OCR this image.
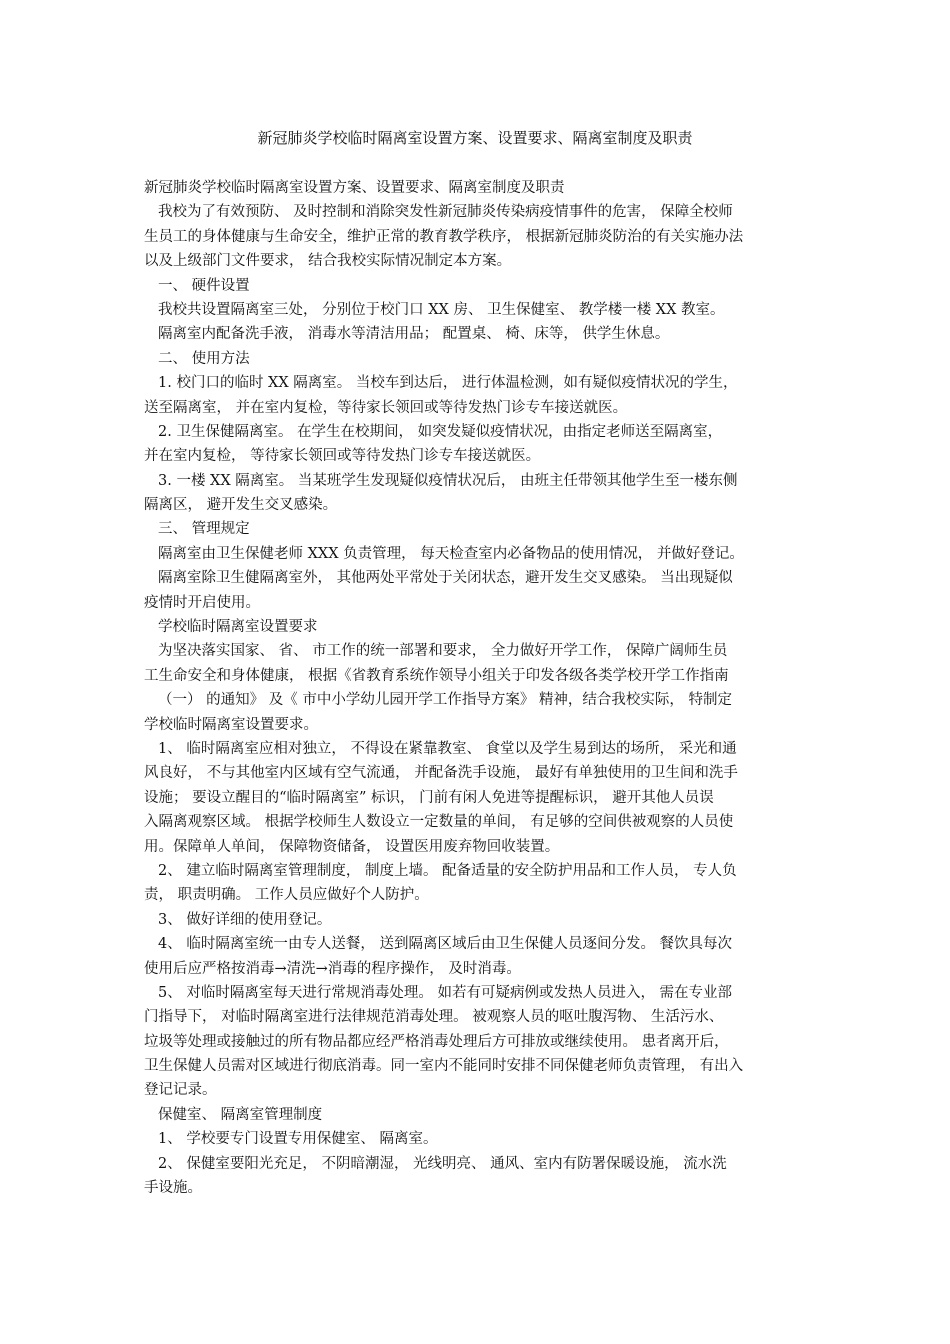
新冠肺炎学校临时隔离室设置方案、设置要求、隔离室制度及职责
新冠肺炎学校临时隔离室设置方案、设置要求、隔离室制度及职责
我校为了有效预防、 及时控制和消除突发性新冠肺炎传染病疫情事件的危害， 保障全校师
生员工的身体健康与生命安全，维护正常的教育教学秩序， 根据新冠肺炎防治的有关实施办法
以及上级部门文件要求， 结合我校实际情况制定本方案。
一、 硬件设置
我校共设置隔离室三处， 分别位于校门口 XX 房、 卫生保健室、 教学楼一楼 XX 教室。
隔离室内配备洗手液， 消毒水等清洁用品； 配置桌、 椅、床等， 供学生休息。
二、 使用方法
1. 校门口的临时 XX 隔离室。 当校车到达后， 进行体温检测，如有疑似疫情状况的学生，
送至隔离室， 并在室内复检，等待家长领回或等待发热门诊专车接送就医。
2. 卫生保健隔离室。 在学生在校期间， 如突发疑似疫情状况，由指定老师送至隔离室，
并在室内复检， 等待家长领回或等待发热门诊专车接送就医。
3. 一楼 XX 隔离室。 当某班学生发现疑似疫情状况后， 由班主任带领其他学生至一楼东侧
隔离区， 避开发生交叉感染。
三、 管理规定
隔离室由卫生保健老师 XXX 负责管理， 每天检查室内必备物品的使用情况， 并做好登记。
隔离室除卫生健隔离室外， 其他两处平常处于关闭状态，避开发生交叉感染。 当出现疑似
疫情时开启使用。
学校临时隔离室设置要求
为坚决落实国家、 省、 市工作的统一部署和要求， 全力做好开学工作， 保障广阔师生员
工生命安全和身体健康， 根据《省教育系统作领导小组关于印发各级各类学校开学工作指南
（一） 的通知》 及《 市中小学幼儿园开学工作指导方案》 精神，结合我校实际， 特制定
学校临时隔离室设置要求。
1、 临时隔离室应相对独立， 不得设在紧靠教室、 食堂以及学生易到达的场所， 采光和通
风良好， 不与其他室内区域有空气流通， 并配备洗手设施， 最好有单独使用的卫生间和洗手
设施； 要设立醒目的“临时隔离室” 标识， 门前有闲人免进等提醒标识， 避开其他人员误
入隔离观察区域。 根据学校师生人数设立一定数量的单间， 有足够的空间供被观察的人员使
用。保障单人单间， 保障物资储备， 设置医用废弃物回收装置。
2、 建立临时隔离室管理制度， 制度上墙。 配备适量的安全防护用品和工作人员， 专人负
责， 职责明确。 工作人员应做好个人防护。
3、 做好详细的使用登记。
4、 临时隔离室统一由专人送餐， 送到隔离区域后由卫生保健人员逐间分发。 餐饮具每次
使用后应严格按消毒→清洗→消毒的程序操作， 及时消毒。
5、 对临时隔离室每天进行常规消毒处理。 如若有可疑病例或发热人员进入， 需在专业部
门指导下， 对临时隔离室进行法律规范消毒处理。 被观察人员的呕吐腹泻物、 生活污水、
垃圾等处理或接触过的所有物品都应经严格消毒处理后方可排放或继续使用。 患者离开后，
卫生保健人员需对区域进行彻底消毒。同一室内不能同时安排不同保健老师负责管理， 有出入
登记记录。
保健室、 隔离室管理制度
1、 学校要专门设置专用保健室、 隔离室。
2、 保健室要阳光充足， 不阴暗潮湿， 光线明亮、 通风、室内有防署保暖设施， 流水洗
手设施。
